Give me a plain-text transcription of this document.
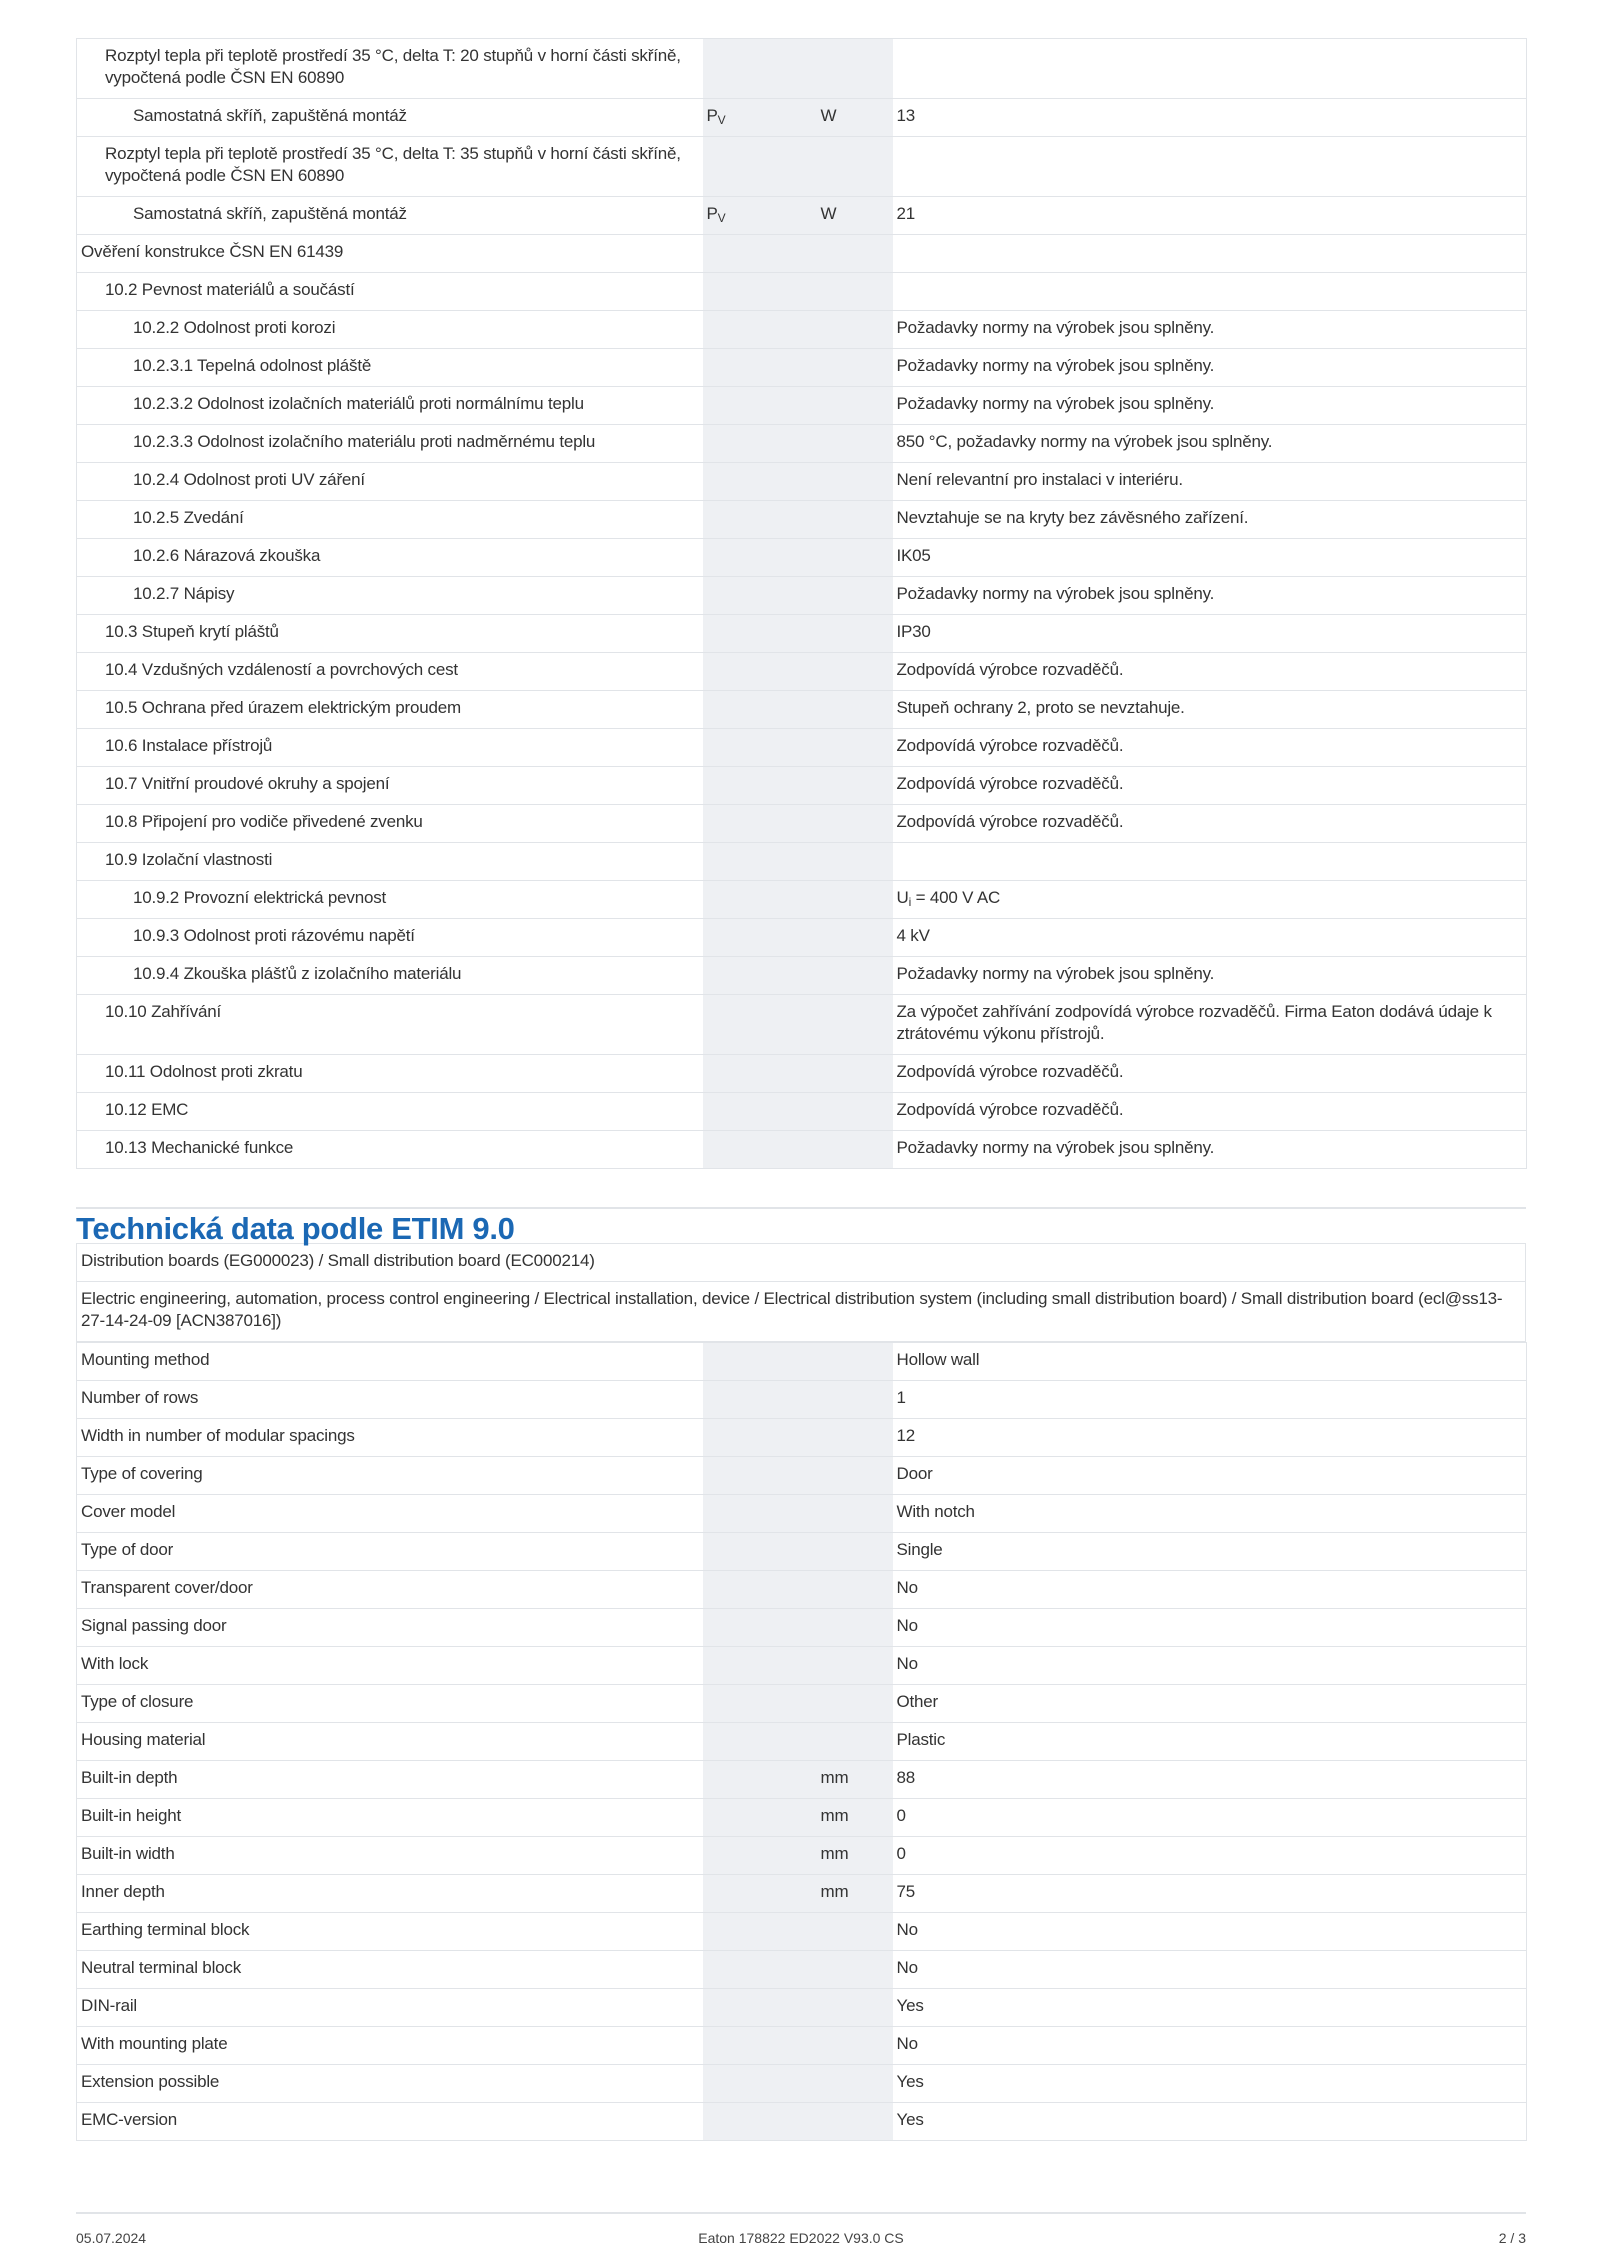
Rozptyl tepla při teplotě prostředí 35 °C, delta T: 20 stupňů v horní části skříně, vypočtená podle ČSN EN 60890			
Samostatná skříň, zapuštěná montáž	$P_V$	W	13
Rozptyl tepla při teplotě prostředí 35 °C, delta T: 35 stupňů v horní části skříně, vypočtená podle ČSN EN 60890			
Samostatná skříň, zapuštěná montáž	$P_V$	W	21
Ověření konstrukce ČSN EN 61439			
10.2 Pevnost materiálů a součástí			
10.2.2 Odolnost proti korozi			Požadavky normy na výrobek jsou splněny.
10.2.3.1 Tepelná odolnost pláště			Požadavky normy na výrobek jsou splněny.
10.2.3.2 Odolnost izolačních materiálů proti normálnímu teplu			Požadavky normy na výrobek jsou splněny.
10.2.3.3 Odolnost izolačního materiálu proti nadměrnému teplu			850 °C, požadavky normy na výrobek jsou splněny.
10.2.4 Odolnost proti UV záření			Není relevantní pro instalaci v interiéru.
10.2.5 Zvedání			Nevztahuje se na kryty bez závěsného zařízení.
10.2.6 Nárazová zkouška			IK05
10.2.7 Nápisy			Požadavky normy na výrobek jsou splněny.
10.3 Stupeň krytí pláštů			IP30
10.4 Vzdušných vzdáleností a povrchových cest			Zodpovídá výrobce rozvaděčů.
10.5 Ochrana před úrazem elektrickým proudem			Stupeň ochrany 2, proto se nevztahuje.
10.6 Instalace přístrojů			Zodpovídá výrobce rozvaděčů.
10.7 Vnitřní proudové okruhy a spojení			Zodpovídá výrobce rozvaděčů.
10.8 Připojení pro vodiče přivedené zvenku			Zodpovídá výrobce rozvaděčů.
10.9 Izolační vlastnosti			
10.9.2 Provozní elektrická pevnost			$U_i = 400$ V AC
10.9.3 Odolnost proti rázovému napětí			4 kV
10.9.4 Zkouška plášťů z izolačního materiálu			Požadavky normy na výrobek jsou splněny.
10.10 Zahřívání			Za výpočet zahřívání zodpovídá výrobce rozvaděčů. Firma Eaton dodává údaje k ztrátovému výkonu přístrojů.
10.11 Odolnost proti zkratu			Zodpovídá výrobce rozvaděčů.
10.12 EMC			Zodpovídá výrobce rozvaděčů.
10.13 Mechanické funkce			Požadavky normy na výrobek jsou splněny.
Technická data podle ETIM 9.0
Distribution boards (EG000023) / Small distribution board (EC000214)
Electric engineering, automation, process control engineering / Electrical installation, device / Electrical distribution system (including small distribution board) / Small distribution board (ecl@ss13-27-14-24-09 [ACN387016])
Mounting method			Hollow wall
Number of rows			1
Width in number of modular spacings			12
Type of covering			Door
Cover model			With notch
Type of door			Single
Transparent cover/door			No
Signal passing door			No
With lock			No
Type of closure			Other
Housing material			Plastic
Built-in depth		mm	88
Built-in height		mm	0
Built-in width		mm	0
Inner depth		mm	75
Earthing terminal block			No
Neutral terminal block			No
DIN-rail			Yes
With mounting plate			No
Extension possible			Yes
EMC-version			Yes
05.07.2024	Eaton 178822 ED2022 V93.0 CS	2 / 3
